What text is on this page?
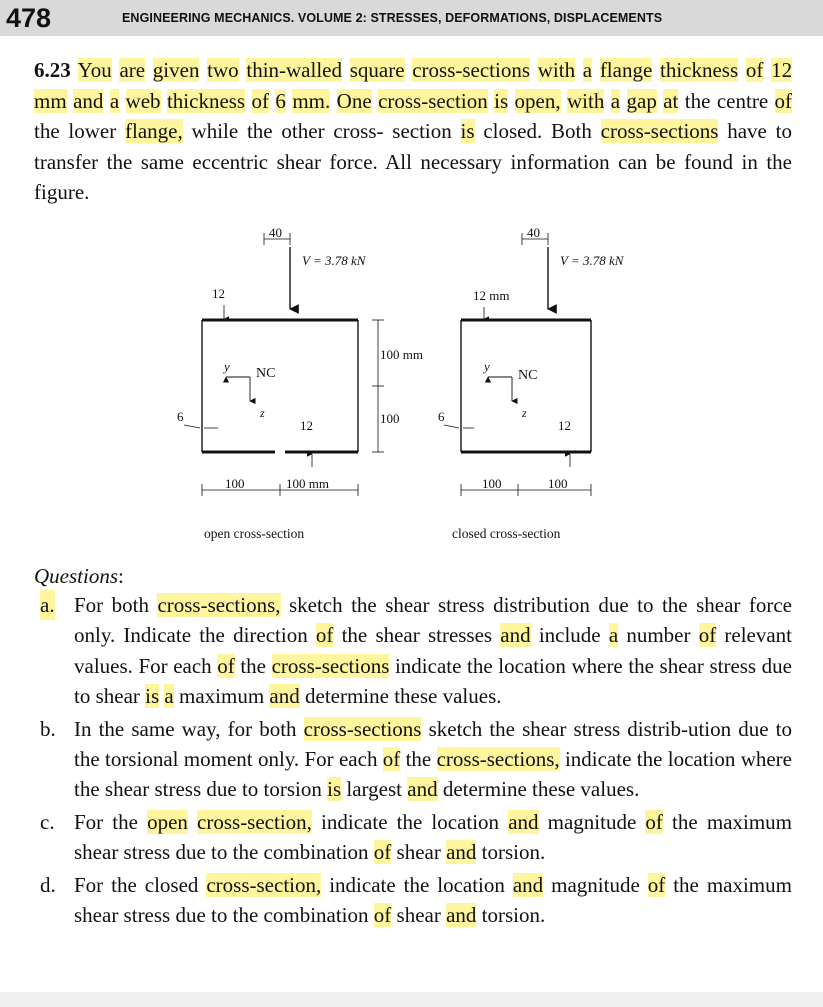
478	ENGINEERING MECHANICS. VOLUME 2: STRESSES, DEFORMATIONS, DISPLACEMENTS
6.23 You are given two thin-walled square cross-sections with a flange thickness of 12 mm and a web thickness of 6 mm. One cross-section is open, with a gap at the centre of the lower flange, while the other cross- section is closed. Both cross-sections have to transfer the same eccentric shear force. All necessary information can be found in the figure.
40
V = 3.78 kN
12
y NC
z
6
12
100	100 mm
open cross-section
100 mm
100
40
V = 3.78 kN
12 mm
y
NC
z
6
12
100	100
closed cross-section
Questions:
a. For both cross-sections, sketch the shear stress distribution due to the shear force only. Indicate the direction of the shear stresses and include a number of relevant values. For each of the cross-sections indicate the location where the shear stress due to shear is a maximum and determine these values.
b. In the same way, for both cross-sections sketch the shear stress distrib-ution due to the torsional moment only. For each of the cross-sections, indicate the location where the shear stress due to torsion is largest and determine these values.
c. For the open cross-section, indicate the location and magnitude of the maximum shear stress due to the combination of shear and torsion.
d. For the closed cross-section, indicate the location and magnitude of the maximum shear stress due to the combination of shear and torsion.
